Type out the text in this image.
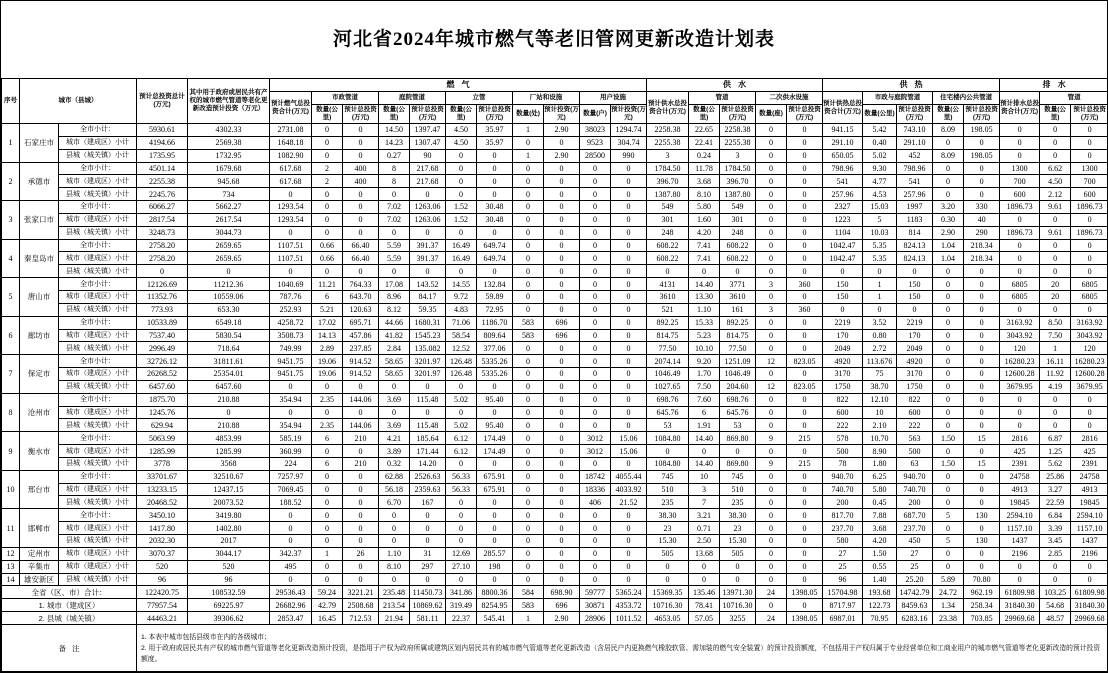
河北省2024年城市燃气等老旧管网更新改造计划表
序号	城市（县城）		预计总投资总计(万元)	其中用于政府或居民共有产权的城市燃气管道等老化更新改造预计投资（万元）	燃气											供水					供热					排水		
					预计燃气总投资合计(万元)	市政管道		庭院管道		立管		厂站和设施		用户设施		预计供水总投资合计(万元)	管道		二次供水设施		预计供热总投资合计(万元)	市政与庭院管道		住宅楼内公共管道		预计排水总投资合计(万元)	管道	
						数量(公里)	预计总投资(万元)	数量(公里)	预计总投资(万元)	数量(公里)	预计总投资(万元)	数量(处)	预计投资(万元)	数量(户)	预计投资(万元)		数量(公里)	预计总投资(万元)	数量(座)	预计总投资(万元)		数量(公里)	预计总投资(万元)	数量(公里)	预计总投资(万元)		数量(公里)	预计总投资(万元)
1	石家庄市	全市小计：	5930.61	4302.33	2731.08	0	0	14.50	1397.47	4.50	35.97	1	2.90	38023	1294.74	2258.38	22.65	2258.38	0	0	941.15	5.42	743.10	8.09	198.05	0	0	0
		城市（建成区）小计	4194.66	2569.38	1648.18	0	0	14.23	1307.47	4.50	35.97	0	0	9523	304.74	2255.38	22.41	2255.38	0	0	291.10	0.40	291.10	0	0	0	0	0
		县城（城关镇）小计	1735.95	1732.95	1082.90	0	0	0.27	90	0	0	1	2.90	28500	990	3	0.24	3	0	0	650.05	5.02	452	8.09	198.05	0	0	0
2	承德市	全市小计：	4501.14	1679.68	617.68	2	400	8	217.68	0	0	0	0	0	0	1784.50	11.78	1784.50	0	0	798.96	9.30	798.96	0	0	1300	6.62	1300
		城市（建成区）小计	2255.38	945.68	617.68	2	400	8	217.68	0	0	0	0	0	0	396.70	3.68	396.70	0	0	541	4.77	541	0	0	700	4.50	700
		县城（城关镇）小计	2245.76	734	0	0	0	0	0	0	0	0	0	0	0	1387.80	8.10	1387.80	0	0	257.96	4.53	257.96	0	0	600	2.12	600
3	张家口市	全市小计：	6066.27	5662.27	1293.54	0	0	7.02	1263.06	1.52	30.48	0	0	0	0	549	5.80	549	0	0	2327	15.03	1997	3.20	330	1896.73	9.61	1896.73
		城市（建成区）小计	2817.54	2617.54	1293.54	0	0	7.02	1263.06	1.52	30.48	0	0	0	0	301	1.60	301	0	0	1223	5	1183	0.30	40	0	0	0
		县城（城关镇）小计	3248.73	3044.73	0	0	0	0	0	0	0	0	0	0	0	248	4.20	248	0	0	1104	10.03	814	2.90	290	1896.73	9.61	1896.73
4	秦皇岛市	全市小计：	2758.20	2659.65	1107.51	0.66	66.40	5.59	391.37	16.49	649.74	0	0	0	0	608.22	7.41	608.22	0	0	1042.47	5.35	824.13	1.04	218.34	0	0	0
		城市（建成区）小计	2758.20	2659.65	1107.51	0.66	66.40	5.59	391.37	16.49	649.74	0	0	0	0	608.22	7.41	608.22	0	0	1042.47	5.35	824.13	1.04	218.34	0	0	0
		县城（城关镇）小计	0	0	0	0	0	0	0	0	0	0	0	0	0	0	0	0	0	0	0	0	0	0	0	0	0	0
5	唐山市	全市小计：	12126.69	11212.36	1040.69	11.21	764.33	17.08	143.52	14.55	132.84	0	0	0	0	4131	14.40	3771	3	360	150	1	150	0	0	6805	20	6805
		城市（建成区）小计	11352.76	10559.06	787.76	6	643.70	8.96	84.17	9.72	59.89	0	0	0	0	3610	13.30	3610	0	0	150	1	150	0	0	6805	20	6805
		县城（城关镇）小计	773.93	653.30	252.93	5.21	120.63	8.12	59.35	4.83	72.95	0	0	0	0	521	1.10	161	3	360	0	0	0	0	0	0	0	0
6	廊坊市	全市小计：	10533.89	6549.18	4258.72	17.02	695.71	44.66	1680.31	71.06	1186.70	583	696	0	0	892.25	15.33	892.25	0	0	2219	3.52	2219	0	0	3163.92	8.50	3163.92
		城市（建成区）小计	7537.40	5830.54	3508.73	14.13	457.86	41.82	1545.23	58.54	809.64	583	696	0	0	814.75	5.23	814.75	0	0	170	0.80	170	0	0	3043.92	7.50	3043.92
		县城（城关镇）小计	2996.49	718.64	749.99	2.89	237.85	2.84	135.082	12.52	377.06	0	0	0	0	77.50	10.10	77.50	0	0	2049	2.72	2049	0	0	120	1	120
7	保定市	全市小计：	32726.12	31811.61	9451.75	19.06	914.52	58.65	3201.97	126.48	5335.26	0	0	0	0	2074.14	9.20	1251.09	12	823.05	4920	113.676	4920	0	0	16280.23	16.11	16280.23
		城市（建成区）小计	26268.52	25354.01	9451.75	19.06	914.52	58.65	3201.97	126.48	5335.26	0	0	0	0	1046.49	1.70	1046.49	0	0	3170	75	3170	0	0	12600.28	11.92	12600.28
		县城（城关镇）小计	6457.60	6457.60	0	0	0	0	0	0	0	0	0	0	0	1027.65	7.50	204.60	12	823.05	1750	38.70	1750	0	0	3679.95	4.19	3679.95
8	沧州市	全市小计：	1875.70	210.88	354.94	2.35	144.06	3.69	115.48	5.02	95.40	0	0	0	0	698.76	7.60	698.76	0	0	822	12.10	822	0	0	0	0	0
		城市（建成区）小计	1245.76	0	0	0	0	0	0	0	0	0	0	0	0	645.76	6	645.76	0	0	600	10	600	0	0	0	0	0
		县城（城关镇）小计	629.94	210.88	354.94	2.35	144.06	3.69	115.48	5.02	95.40	0	0	0	0	53	1.91	53	0	0	222	2.10	222	0	0	0	0	0
9	衡水市	全市小计：	5063.99	4853.99	585.19	6	210	4.21	185.64	6.12	174.49	0	0	3012	15.06	1084.80	14.40	869.80	9	215	578	10.70	563	1.50	15	2816	6.87	2816
		城市（建成区）小计	1285.99	1285.99	360.99	0	0	3.89	171.44	6.12	174.49	0	0	3012	15.06	0	0	0	0	0	500	8.90	500	0	0	425	1.25	425
		县城（城关镇）小计	3778	3568	224	6	210	0.32	14.20	0	0	0	0	0	0	1084.80	14.40	869.80	9	215	78	1.80	63	1.50	15	2391	5.62	2391
10	邢台市	全市小计：	33701.67	32510.67	7257.97	0	0	62.88	2526.63	56.33	675.91	0	0	18742	4055.44	745	10	745	0	0	940.70	6.25	940.70	0	0	24758	25.86	24758
		城市（建成区）小计	13233.15	12437.15	7069.45	0	0	56.18	2359.63	56.33	675.91	0	0	18336	4033.92	510	3	510	0	0	740.70	5.80	740.70	0	0	4913	3.27	4913
		县城（城关镇）小计	20468.52	20073.52	188.52	0	0	6.70	167	0	0	0	0	406	21.52	235	7	235	0	0	200	0.45	200	0	0	19845	22.59	19845
11	邯郸市	全市小计：	3450.10	3419.80	0	0	0	0	0	0	0	0	0	0	0	38.30	3.21	38.30	0	0	817.70	7.88	687.70	5	130	2594.10	6.84	2594.10
		城市（建成区）小计	1417.80	1402.80	0	0	0	0	0	0	0	0	0	0	0	23	0.71	23	0	0	237.70	3.68	237.70	0	0	1157.10	3.39	1157.10
		县城（城关镇）小计	2032.30	2017	0	0	0	0	0	0	0	0	0	0	0	15.30	2.50	15.30	0	0	580	4.20	450	5	130	1437	3.45	1437
12	定州市	城市（建成区）小计	3070.37	3044.17	342.37	1	26	1.10	31	12.69	285.57	0	0	0	0	505	13.68	505	0	0	27	1.50	27	0	0	2196	2.85	2196
13	辛集市	城市（建成区）小计	520	520	495	0	0	8.10	297	27.10	198	0	0	0	0	0	0	0	0	0	25	0.55	25	0	0	0	0	0
14	雄安新区	县城（城关镇）小计	96	96	0	0	0	0	0	0	0	0	0	0	0	0	0	0	0	0	96	1.40	25.20	5.89	70.80	0	0	0
全省（区、市）合计：			122420.75	108532.59	29536.43	59.24	3221.21	235.48	11450.73	341.86	8800.36	584	698.90	59777	5365.24	15369.35	135.46	13971.30	24	1398.05	15704.98	193.68	14742.79	24.72	962.19	61809.98	103.25	61809.98
1. 城市（建成区）			77957.54	69225.97	26682.96	42.79	2508.68	213.54	10869.62	319.49	8254.95	583	696	30871	4353.72	10716.30	78.41	10716.30	0	0	8717.97	122.73	8459.63	1.34	258.34	31840.30	54.68	31840.30
2. 县城（城关镇）			44463.21	39306.62	2853.47	16.45	712.53	21.94	581.11	22.37	545.41	1	2.90	28906	1011.52	4653.05	57.05	3255	24	1398.05	6987.01	70.95	6283.16	23.38	703.85	29969.68	48.57	29969.68
备注			1. 本表中城市包括县级市在内的各级城市；
2. 用于政府或居民共有产权的城市燃气管道等老化更新改造预计投资，是指用于产权为政府所属或建筑区划内居民共有的城市燃气管道等老化更新改造（含居民户内更换燃气橡胶软管、需加装的燃气安全装置）的预计投资额度，不包括用于产权归属于专业经营单位和工商业用户的城市燃气管道等老化更新改造的预计投资额度。																									
